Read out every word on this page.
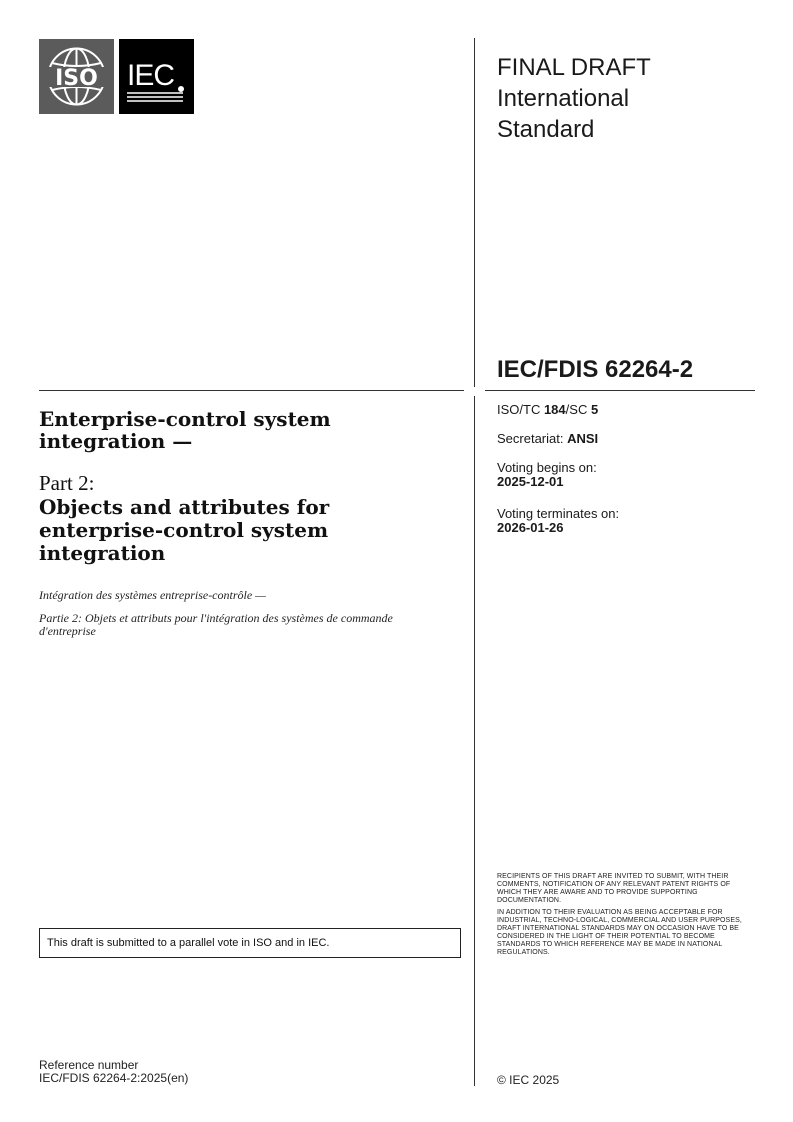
ISO IEC	FINAL DRAFT
International
Standard
IEC/FDIS 62264-2
ISO/TC 184/SC 5
Secretariat: ANSI
Voting begins on:
2025-12-01
Voting terminates on:
2026-01-26
Enterprise-control system integration —
Part 2:
Objects and attributes for enterprise-control system integration
Intégration des systèmes entreprise-contrôle —
Partie 2: Objets et attributs pour l'intégration des systèmes de commande d'entreprise
RECIPIENTS OF THIS DRAFT ARE INVITED TO SUBMIT, WITH THEIR COMMENTS, NOTIFICATION OF ANY RELEVANT PATENT RIGHTS OF WHICH THEY ARE AWARE AND TO PROVIDE SUPPORTING DOCUMENTATION.
IN ADDITION TO THEIR EVALUATION AS BEING ACCEPTABLE FOR INDUSTRIAL, TECHNO-LOGICAL, COMMERCIAL AND USER PURPOSES, DRAFT INTERNATIONAL STANDARDS MAY ON OCCASION HAVE TO BE CONSIDERED IN THE LIGHT OF THEIR POTENTIAL TO BECOME STANDARDS TO WHICH REFERENCE MAY BE MADE IN NATIONAL REGULATIONS.
This draft is submitted to a parallel vote in ISO and in IEC.
Reference number
IEC/FDIS 62264-2:2025(en)	© IEC 2025
